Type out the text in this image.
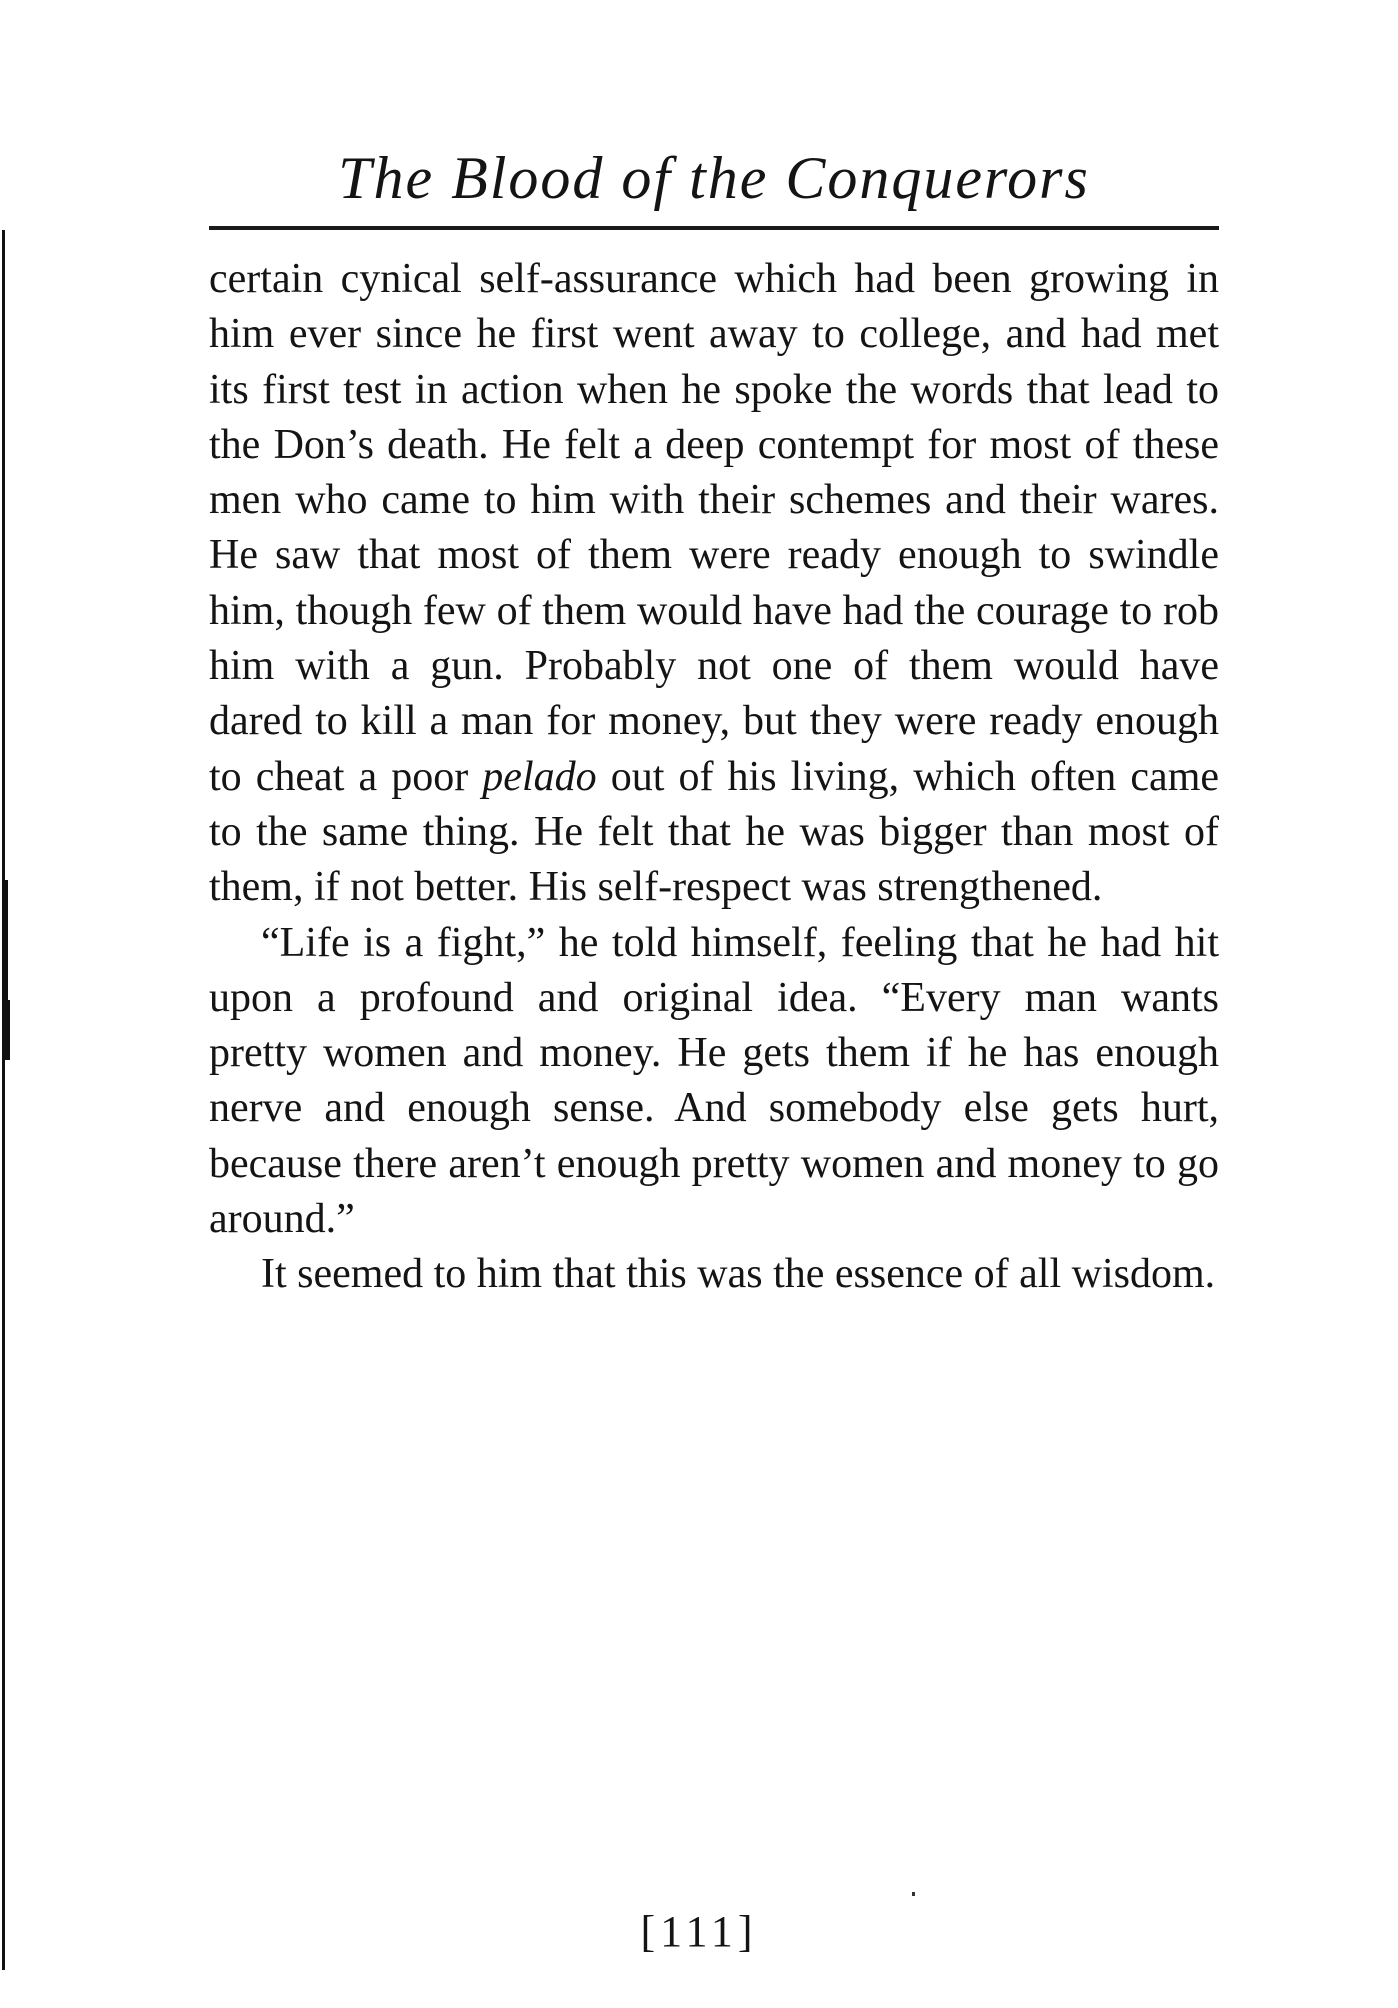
The Blood of the Conquerors

certain cynical self-assurance which had been growing in him ever since he first went away to college, and had met its first test in action when he spoke the words that lead to the Don’s death. He felt a deep contempt for most of these men who came to him with their schemes and their wares. He saw that most of them were ready enough to swindle him, though few of them would have had the courage to rob him with a gun. Probably not one of them would have dared to kill a man for money, but they were ready enough to cheat a poor pelado out of his living, which often came to the same thing. He felt that he was bigger than most of them, if not better. His self-respect was strengthened.

“Life is a fight,” he told himself, feeling that he had hit upon a profound and original idea. “Every man wants pretty women and money. He gets them if he has enough nerve and enough sense. And somebody else gets hurt, because there aren’t enough pretty women and money to go around.”

It seemed to him that this was the essence of all wisdom.

[111]
